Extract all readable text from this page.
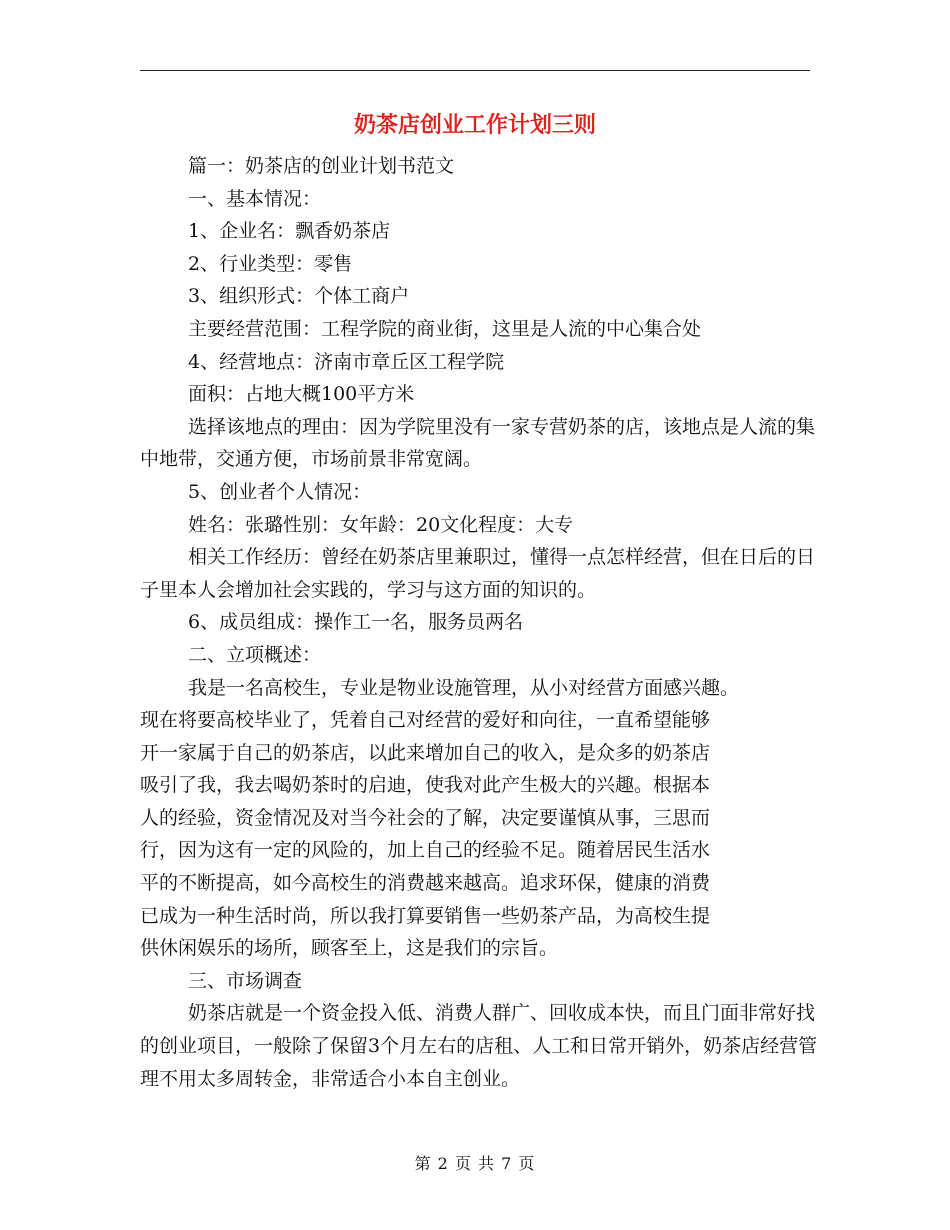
奶茶店创业工作计划三则

篇一：奶茶店的创业计划书范文

一、基本情况：

1、企业名：飘香奶茶店

2、行业类型：零售

3、组织形式：个体工商户

主要经营范围：工程学院的商业街，这里是人流的中心集合处

4、经营地点：济南市章丘区工程学院

面积：占地大概100平方米

选择该地点的理由：因为学院里没有一家专营奶茶的店，该地点是人流的集中地带，交通方便，市场前景非常宽阔。

5、创业者个人情况：

姓名：张璐性别：女年龄：20文化程度：大专

相关工作经历：曾经在奶茶店里兼职过，懂得一点怎样经营，但在日后的日子里本人会增加社会实践的，学习与这方面的知识的。

6、成员组成：操作工一名，服务员两名

二、立项概述：

我是一名高校生，专业是物业设施管理，从小对经营方面感兴趣。

现在将要高校毕业了，凭着自己对经营的爱好和向往，一直希望能够
开一家属于自己的奶茶店，以此来增加自己的收入，是众多的奶茶店
吸引了我，我去喝奶茶时的启迪，使我对此产生极大的兴趣。根据本
人的经验，资金情况及对当今社会的了解，决定要谨慎从事，三思而
行，因为这有一定的风险的，加上自己的经验不足。随着居民生活水
平的不断提高，如今高校生的消费越来越高。追求环保，健康的消费
已成为一种生活时尚，所以我打算要销售一些奶茶产品，为高校生提
供休闲娱乐的场所，顾客至上，这是我们的宗旨。

三、市场调查

奶茶店就是一个资金投入低、消费人群广、回收成本快，而且门面非常好找的创业项目，一般除了保留3个月左右的店租、人工和日常开销外，奶茶店经营管理不用太多周转金，非常适合小本自主创业。

第 2 页 共 7 页
